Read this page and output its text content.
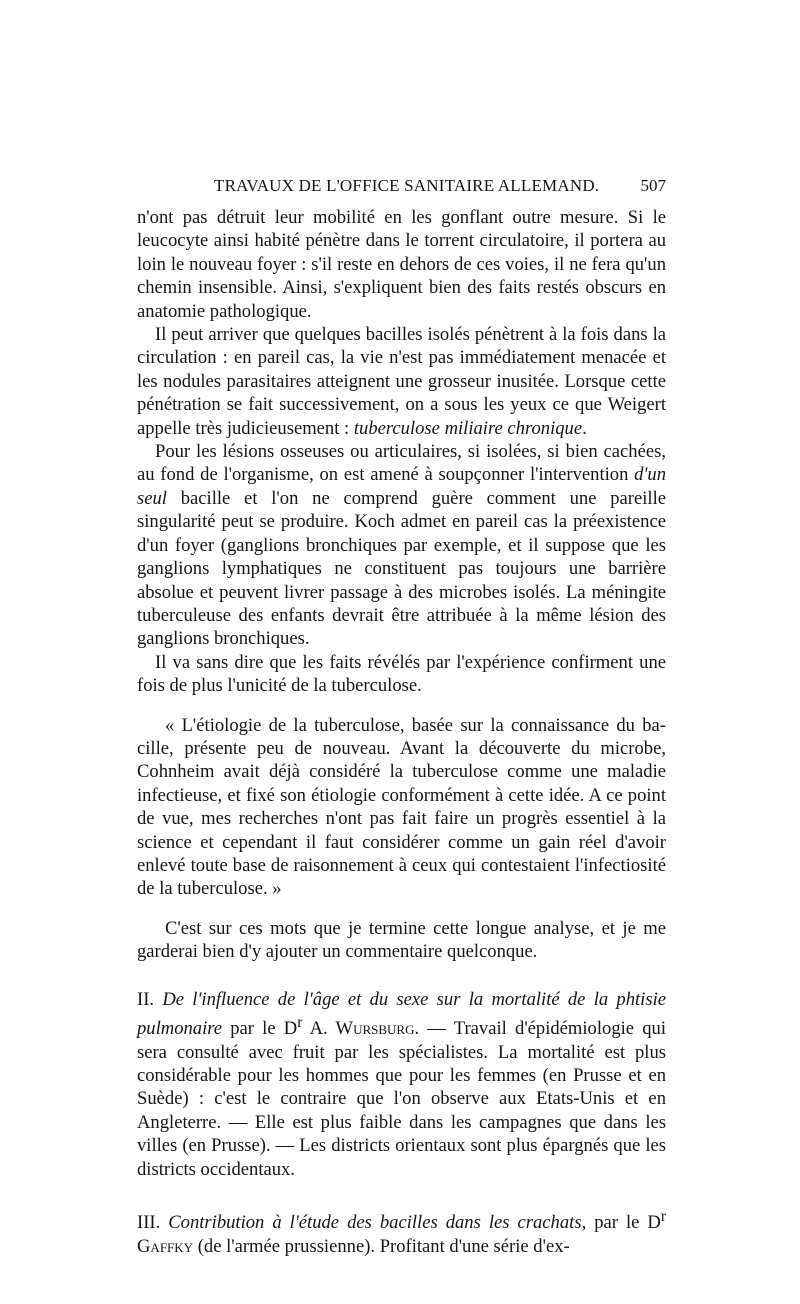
TRAVAUX DE L'OFFICE SANITAIRE ALLEMAND. 507

n'ont pas détruit leur mobilité en les gonflant outre mesure. Si le leucocyte ainsi habité pénètre dans le torrent circulatoire, il portera au loin le nouveau foyer : s'il reste en dehors de ces voies, il ne fera qu'un chemin insensible. Ainsi, s'expliquent bien des faits restés obscurs en anatomie pathologique.

Il peut arriver que quelques bacilles isolés pénètrent à la fois dans la circulation : en pareil cas, la vie n'est pas immédiatement menacée et les nodules parasitaires atteignent une grosseur inusitée. Lorsque cette pénétration se fait successivement, on a sous les yeux ce que Weigert appelle très judicieusement : tuberculose miliaire chronique.

Pour les lésions osseuses ou articulaires, si isolées, si bien cachées, au fond de l'organisme, on est amené à soupçonner l'intervention d'un seul bacille et l'on ne comprend guère comment une pareille singularité peut se produire. Koch admet en pareil cas la préexistence d'un foyer (ganglions bronchiques par exemple, et il suppose que les ganglions lymphatiques ne constituent pas toujours une barrière absolue et peuvent livrer passage à des microbes isolés. La méningite tuberculeuse des enfants devrait être attribuée à la même lésion des ganglions bronchiques.

Il va sans dire que les faits révélés par l'expérience confirment une fois de plus l'unicité de la tuberculose.

« L'étiologie de la tuberculose, basée sur la connaissance du bacille, présente peu de nouveau. Avant la découverte du microbe, Cohnheim avait déjà considéré la tuberculose comme une maladie infectieuse, et fixé son étiologie conformément à cette idée. A ce point de vue, mes recherches n'ont pas fait faire un progrès essentiel à la science et cependant il faut considérer comme un gain réel d'avoir enlevé toute base de raisonnement à ceux qui contestaient l'infectiosité de la tuberculose. »

C'est sur ces mots que je termine cette longue analyse, et je me garderai bien d'y ajouter un commentaire quelconque.

II. De l'influence de l'âge et du sexe sur la mortalité de la phtisie pulmonaire par le $D^r$ A. Wursburg. — Travail d'épidémiologie qui sera consulté avec fruit par les spécialistes. La mortalité est plus considérable pour les hommes que pour les femmes (en Prusse et en Suède) : c'est le contraire que l'on observe aux Etats-Unis et en Angleterre. — Elle est plus faible dans les campagnes que dans les villes (en Prusse). — Les districts orientaux sont plus épargnés que les districts occidentaux.

III. Contribution à l'étude des bacilles dans les crachats, par le $D^r$ Gaffky (de l'armée prussienne). Profitant d'une série d'ex-
